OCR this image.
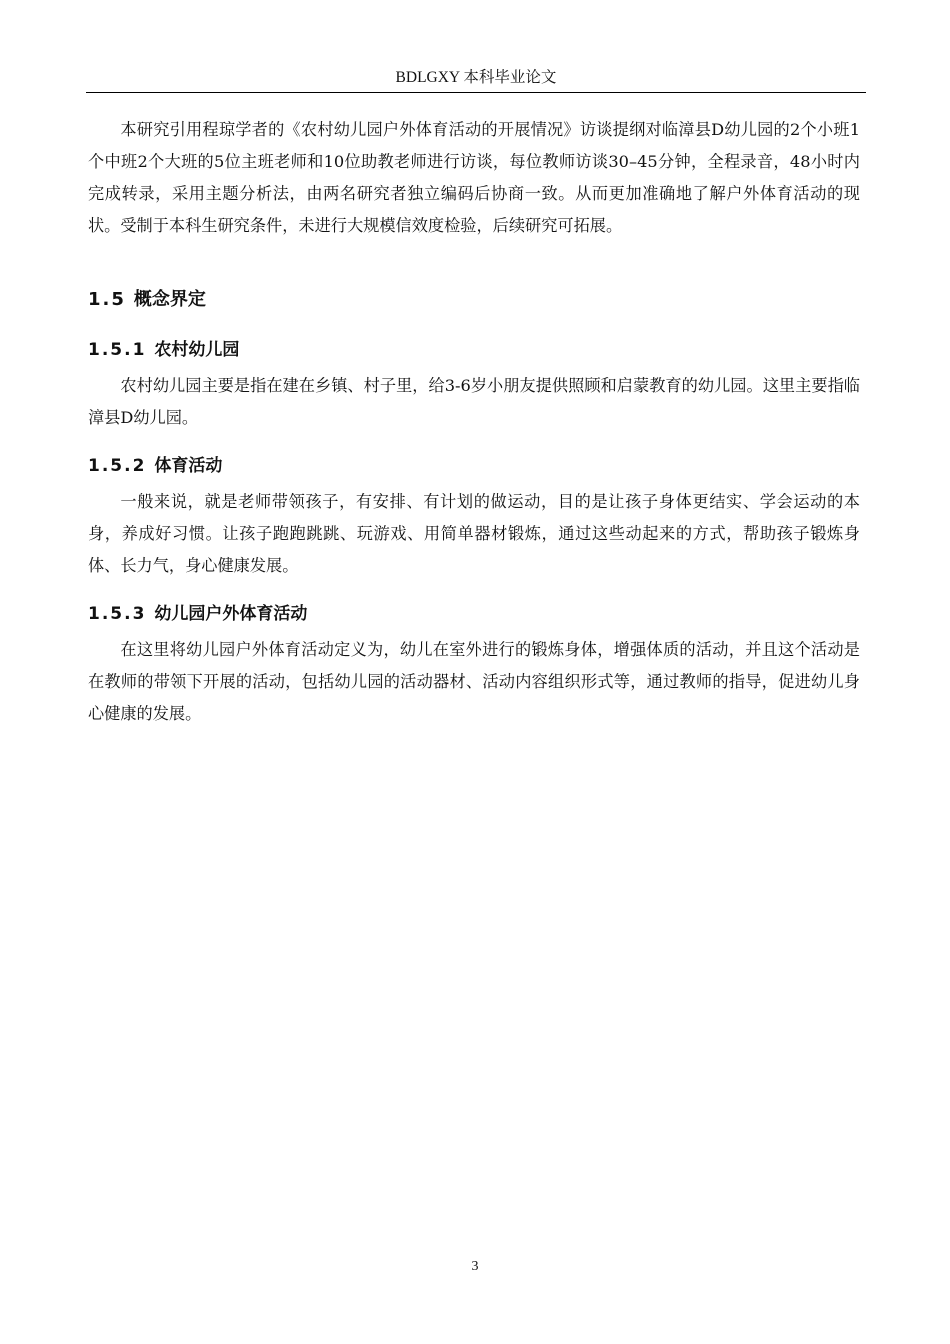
BDLGXY 本科毕业论文

本研究引用程琼学者的《农村幼儿园户外体育活动的开展情况》访谈提纲对临漳县D幼儿园的2个小班1个中班2个大班的5位主班老师和10位助教老师进行访谈，每位教师访谈30–45分钟，全程录音，48小时内完成转录，采用主题分析法，由两名研究者独立编码后协商一致。从而更加准确地了解户外体育活动的现状。受制于本科生研究条件，未进行大规模信效度检验，后续研究可拓展。

1.5 概念界定
1.5.1 农村幼儿园

农村幼儿园主要是指在建在乡镇、村子里，给3-6岁小朋友提供照顾和启蒙教育的幼儿园。这里主要指临漳县D幼儿园。

1.5.2 体育活动

一般来说，就是老师带领孩子，有安排、有计划的做运动，目的是让孩子身体更结实、学会运动的本身，养成好习惯。让孩子跑跑跳跳、玩游戏、用简单器材锻炼，通过这些动起来的方式，帮助孩子锻炼身体、长力气，身心健康发展。

1.5.3 幼儿园户外体育活动

在这里将幼儿园户外体育活动定义为，幼儿在室外进行的锻炼身体，增强体质的活动，并且这个活动是在教师的带领下开展的活动，包括幼儿园的活动器材、活动内容组织形式等，通过教师的指导，促进幼儿身心健康的发展。

3
